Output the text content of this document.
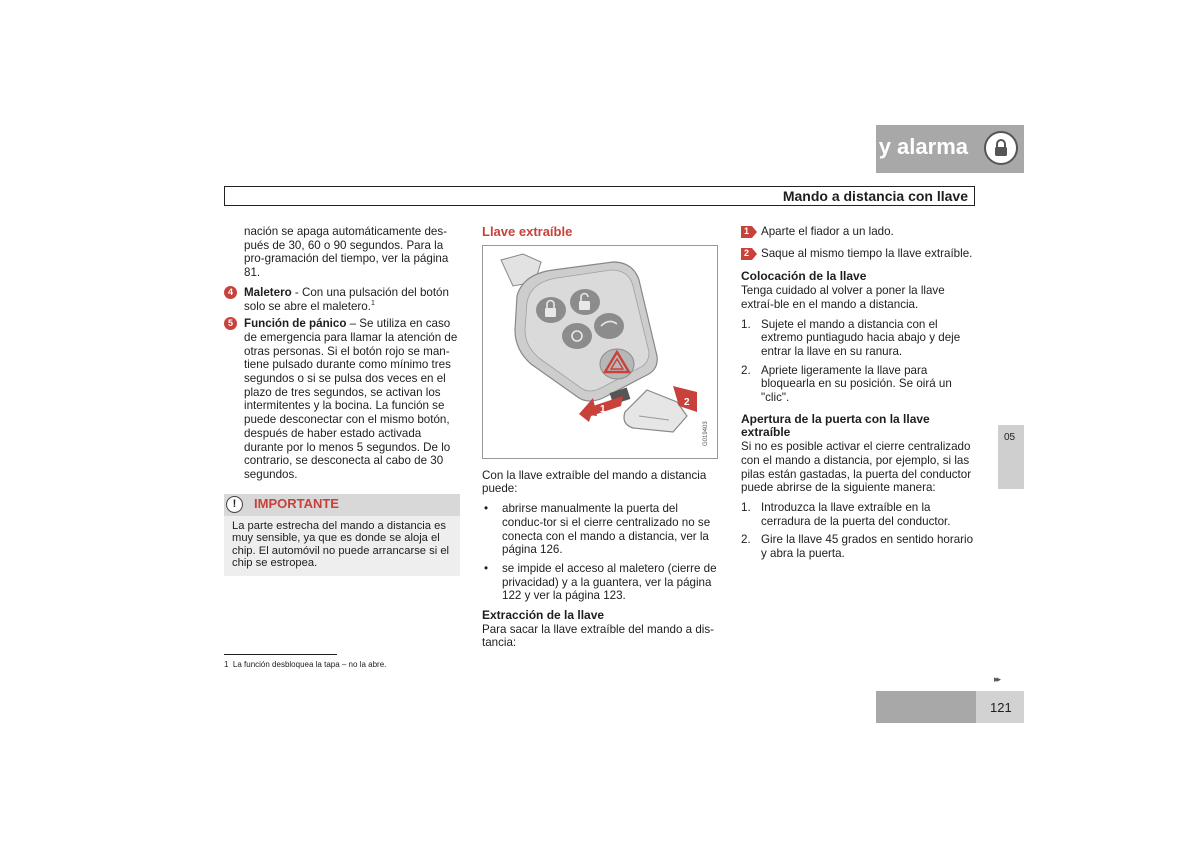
05 Cierres y alarma
Mando a distancia con llave
nación se apaga automáticamente des-pués de 30, 60 o 90 segundos. Para la pro-gramación del tiempo, ver la página 81.
4 Maletero - Con una pulsación del botón solo se abre el maletero.$^1$
5 Función de pánico – Se utiliza en caso de emergencia para llamar la atención de otras personas. Si el botón rojo se man-tiene pulsado durante como mínimo tres segundos o si se pulsa dos veces en el plazo de tres segundos, se activan los intermitentes y la bocina. La función se puede desconectar con el mismo botón, después de haber estado activada durante por lo menos 5 segundos. De lo contrario, se desconecta al cabo de 30 segundos.
!	IMPORTANTE
La parte estrecha del mando a distancia es muy sensible, ya que es donde se aloja el chip. El automóvil no puede arrancarse si el chip se estropea.
Llave extraíble
1
2
G019403
Con la llave extraíble del mando a distancia puede:
• abrirse manualmente la puerta del conduc-tor si el cierre centralizado no se conecta con el mando a distancia, ver la página 126.
• se impide el acceso al maletero (cierre de privacidad) y a la guantera, ver la página 122 y ver la página 123.
Extracción de la llave
Para sacar la llave extraíble del mando a dis-tancia:
1 Aparte el fiador a un lado.
2 Saque al mismo tiempo la llave extraíble.
Colocación de la llave
Tenga cuidado al volver a poner la llave extraí-ble en el mando a distancia.
1. Sujete el mando a distancia con el extremo puntiagudo hacia abajo y deje entrar la llave en su ranura.
2. Apriete ligeramente la llave para bloquearla en su posición. Se oirá un "clic".
Apertura de la puerta con la llave extraíble
Si no es posible activar el cierre centralizado con el mando a distancia, por ejemplo, si las pilas están gastadas, la puerta del conductor puede abrirse de la siguiente manera:
1. Introduzca la llave extraíble en la cerradura de la puerta del conductor.
2. Gire la llave 45 grados en sentido horario y abra la puerta.
05
1 La función desbloquea la tapa – no la abre.
▸▸
121
